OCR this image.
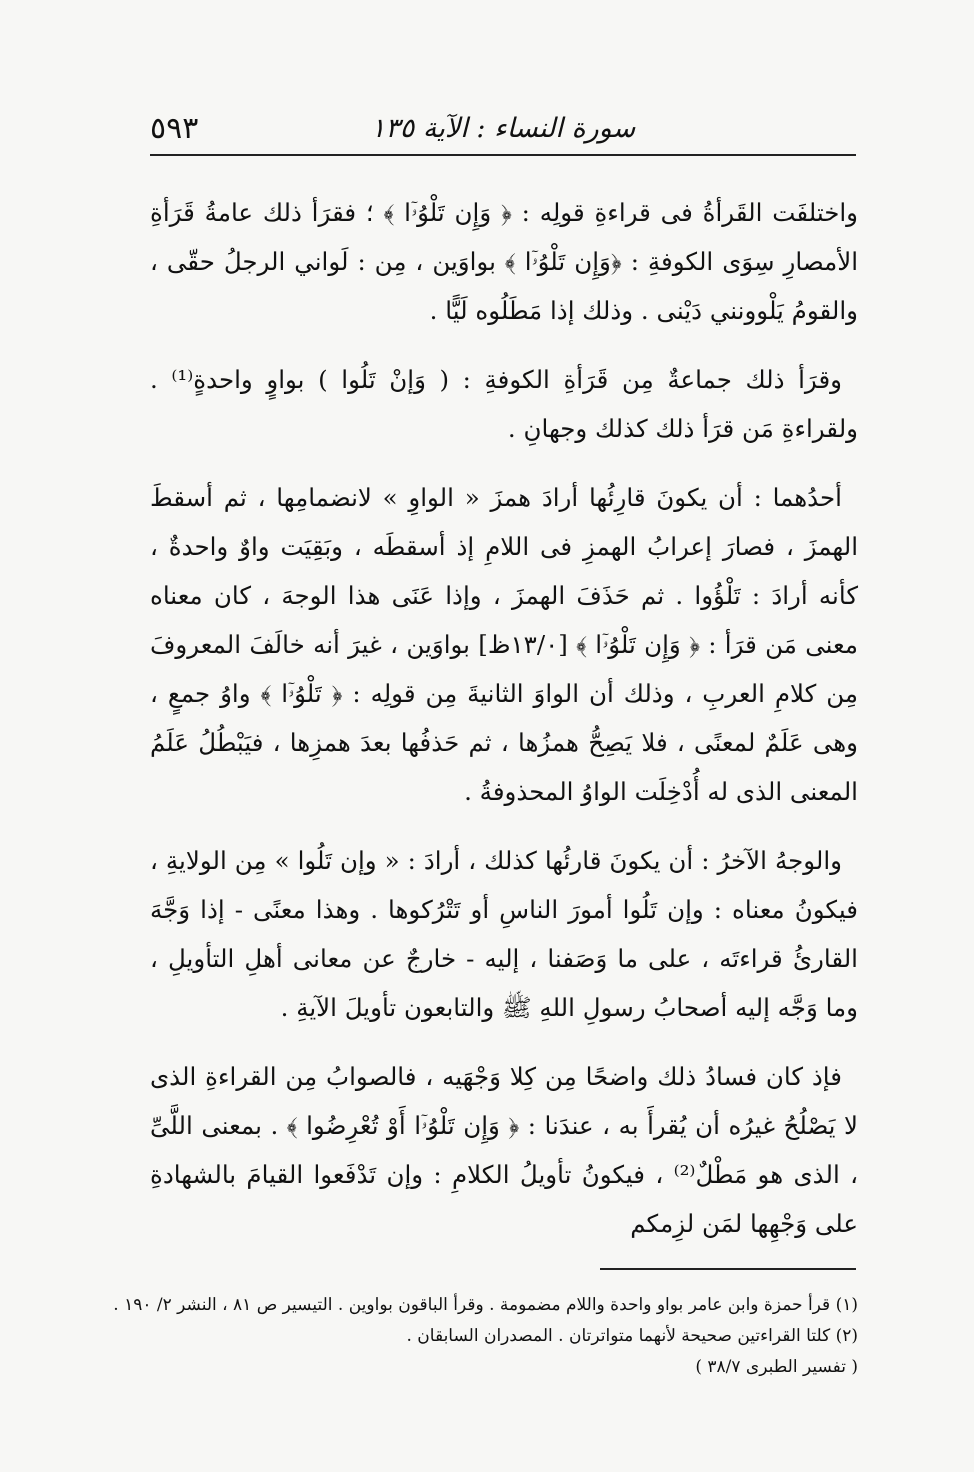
سورة النساء : الآية ١٣٥
٥٩٣

واختلفَت القَرأةُ فى قراءةِ قولِه : ﴿ وَإِن تَلْوُۥٓا ﴾ ؛ فقرَأ ذلك عامةُ قَرَأةِ الأمصارِ سِوَى الكوفةِ : ﴿وَإِن تَلْوُۥٓا ﴾ بواوَين ، مِن : لَواني الرجلُ حقّى ، والقومُ يَلْوونني دَيْنى . وذلك إذا مَطَلُوه لَيًّا .

وقرَأ ذلك جماعةٌ مِن قَرَأةِ الكوفةِ : ( وَإنْ تَلُوا ) بواوٍ واحدةٍ⁽¹⁾ . ولقراءةِ مَن قرَأ ذلك كذلك وجهانِ .

أحدُهما : أن يكونَ قارِئُها أرادَ همزَ « الواوِ » لانضمامِها ، ثم أسقطَ الهمزَ ، فصارَ إعرابُ الهمزِ فى اللامِ إذ أسقطَه ، وبَقِيَت واوٌ واحدةٌ ، كأنه أرادَ : تَلْؤُوا . ثم حَذَفَ الهمزَ ، وإذا عَنَى هذا الوجهَ ، كان معناه معنى مَن قرَأ : ﴿ وَإِن تَلْوُۥٓا ﴾ [١٣/٠ظ] بواوَين ، غيرَ أنه خالَفَ المعروفَ مِن كلامِ العربِ ، وذلك أن الواوَ الثانيةَ مِن قولِه : ﴿ تَلْوُۥٓا ﴾ واوُ جمعٍ ، وهى عَلَمٌ لمعنًى ، فلا يَصِحُّ همزُها ، ثم حَذفُها بعدَ همزِها ، فيَبْطُلُ عَلَمُ المعنى الذى له أُدْخِلَت الواوُ المحذوفةُ .

والوجهُ الآخرُ : أن يكونَ قارئُها كذلك ، أرادَ : « وإن تَلُوا » مِن الولايةِ ، فيكونُ معناه : وإن تَلُوا أمورَ الناسِ أو تَتْرُكوها . وهذا معنًى - إذا وَجَّهَ القارئُ قراءتَه ، على ما وَصَفنا ، إليه - خارجٌ عن معانى أهلِ التأويلِ ، وما وَجَّه إليه أصحابُ رسولِ اللهِ ﷺ والتابعون تأويلَ الآيةِ .

فإذ كان فسادُ ذلك واضحًا مِن كِلا وَجْهَيه ، فالصوابُ مِن القراءةِ الذى لا يَصْلُحُ غيرُه أن يُقرأَ به ، عندَنا : ﴿ وَإِن تَلْوُۥٓا أَوْ تُعْرِضُوا ﴾ . بمعنى اللَّىِّ ، الذى هو مَطْلٌ⁽²⁾ ، فيكونُ تأويلُ الكلامِ : وإن تَدْفَعوا القيامَ بالشهادةِ على وَجْهِها لمَن لزِمكم

(١) قرأ حمزة وابن عامر بواو واحدة واللام مضمومة . وقرأ الباقون بواوين . التيسير ص ٨١ ، النشر ٢/ ١٩٠ .
(٢) كلتا القراءتين صحيحة لأنهما متواترتان . المصدران السابقان .
( تفسير الطبرى ٣٨/٧ )
